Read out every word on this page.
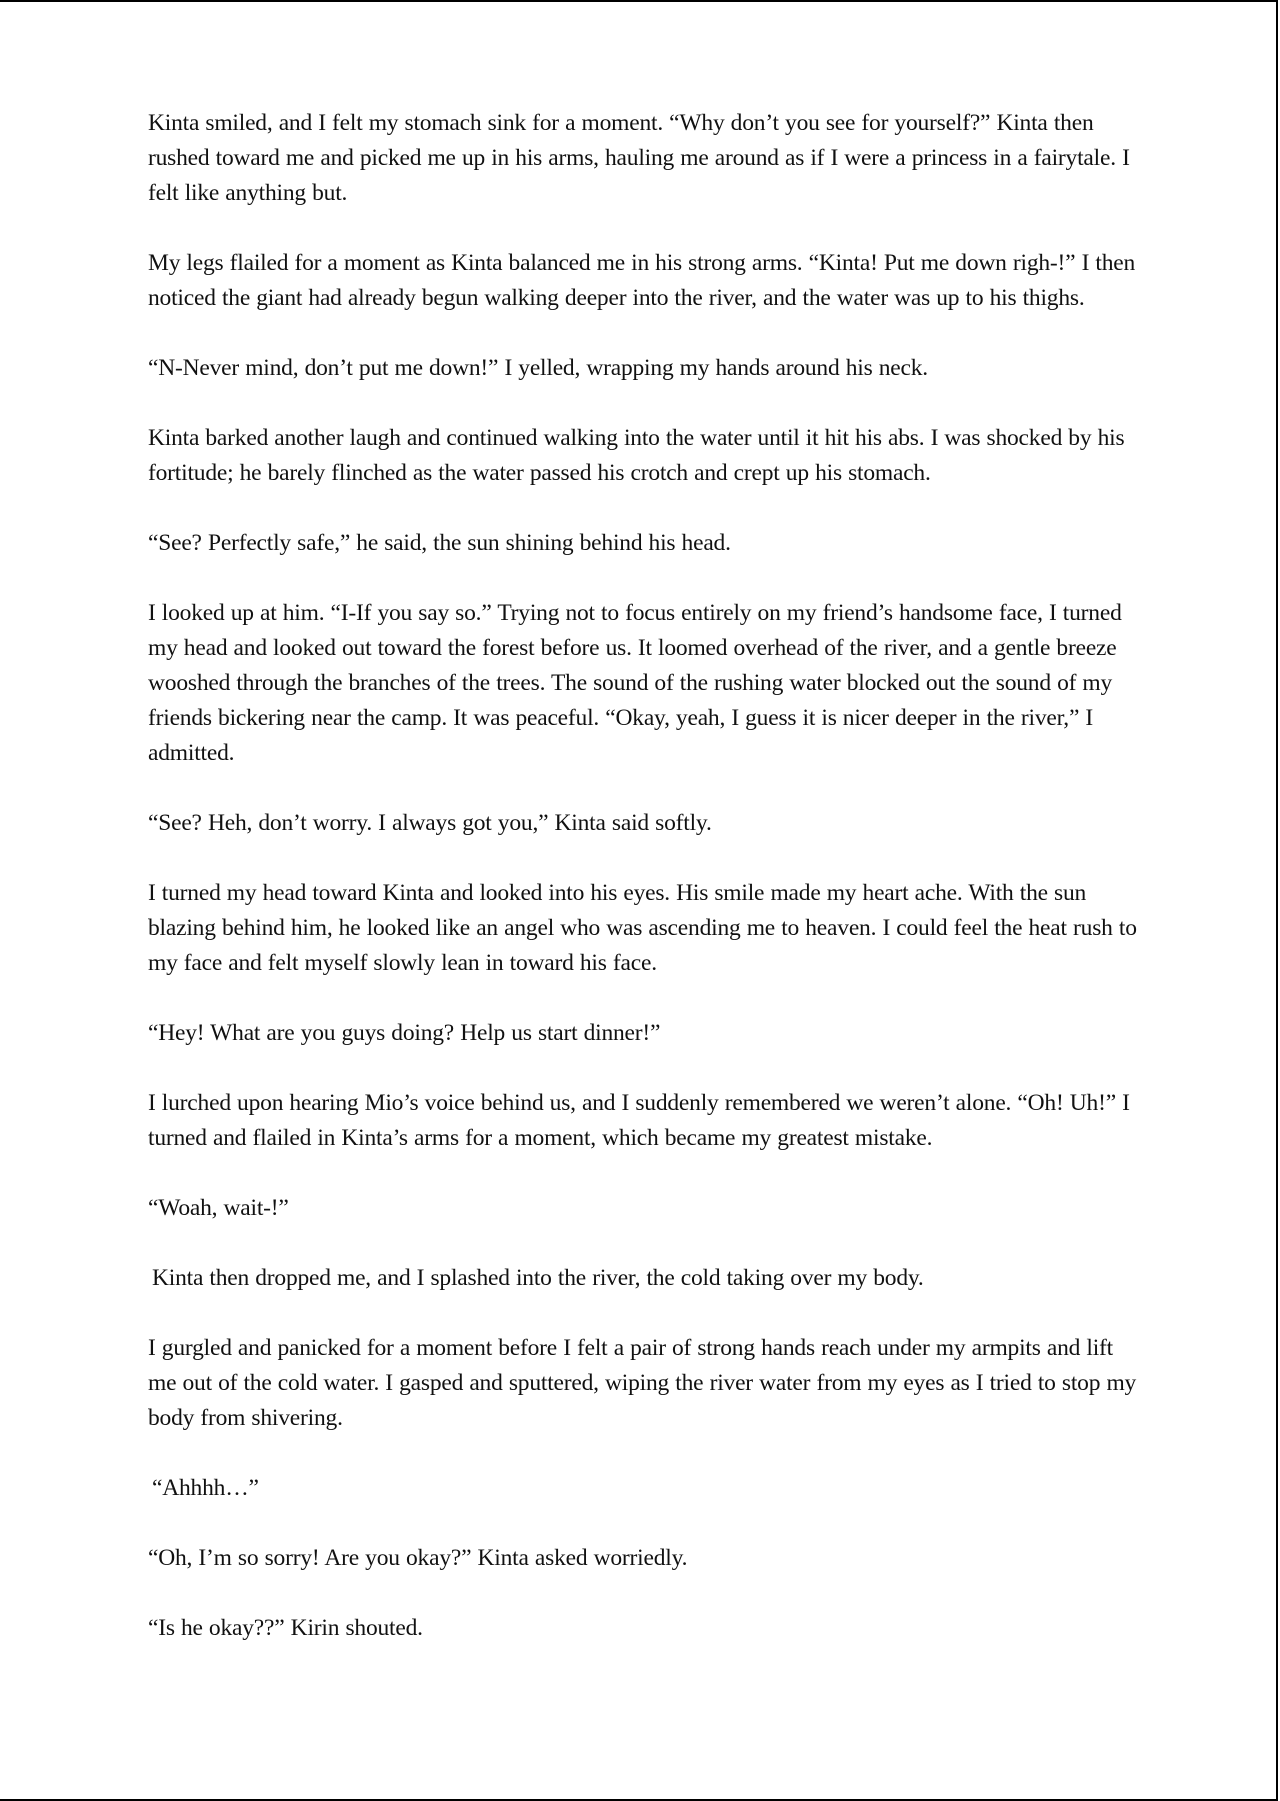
Kinta smiled, and I felt my stomach sink for a moment. “Why don’t you see for yourself?” Kinta then rushed toward me and picked me up in his arms, hauling me around as if I were a princess in a fairytale. I felt like anything but.

My legs flailed for a moment as Kinta balanced me in his strong arms. “Kinta! Put me down righ-!” I then noticed the giant had already begun walking deeper into the river, and the water was up to his thighs.

“N-Never mind, don’t put me down!” I yelled, wrapping my hands around his neck.

Kinta barked another laugh and continued walking into the water until it hit his abs. I was shocked by his fortitude; he barely flinched as the water passed his crotch and crept up his stomach.

“See? Perfectly safe,” he said, the sun shining behind his head.

I looked up at him. “I-If you say so.” Trying not to focus entirely on my friend’s handsome face, I turned my head and looked out toward the forest before us. It loomed overhead of the river, and a gentle breeze wooshed through the branches of the trees. The sound of the rushing water blocked out the sound of my friends bickering near the camp. It was peaceful. “Okay, yeah, I guess it is nicer deeper in the river,” I admitted.

“See? Heh, don’t worry. I always got you,” Kinta said softly.

I turned my head toward Kinta and looked into his eyes. His smile made my heart ache. With the sun blazing behind him, he looked like an angel who was ascending me to heaven. I could feel the heat rush to my face and felt myself slowly lean in toward his face.

“Hey! What are you guys doing? Help us start dinner!”

I lurched upon hearing Mio’s voice behind us, and I suddenly remembered we weren’t alone. “Oh! Uh!” I turned and flailed in Kinta’s arms for a moment, which became my greatest mistake.

“Woah, wait-!”

Kinta then dropped me, and I splashed into the river, the cold taking over my body.

I gurgled and panicked for a moment before I felt a pair of strong hands reach under my armpits and lift me out of the cold water. I gasped and sputtered, wiping the river water from my eyes as I tried to stop my body from shivering.

“Ahhhh…”

“Oh, I’m so sorry! Are you okay?” Kinta asked worriedly.

“Is he okay??” Kirin shouted.
